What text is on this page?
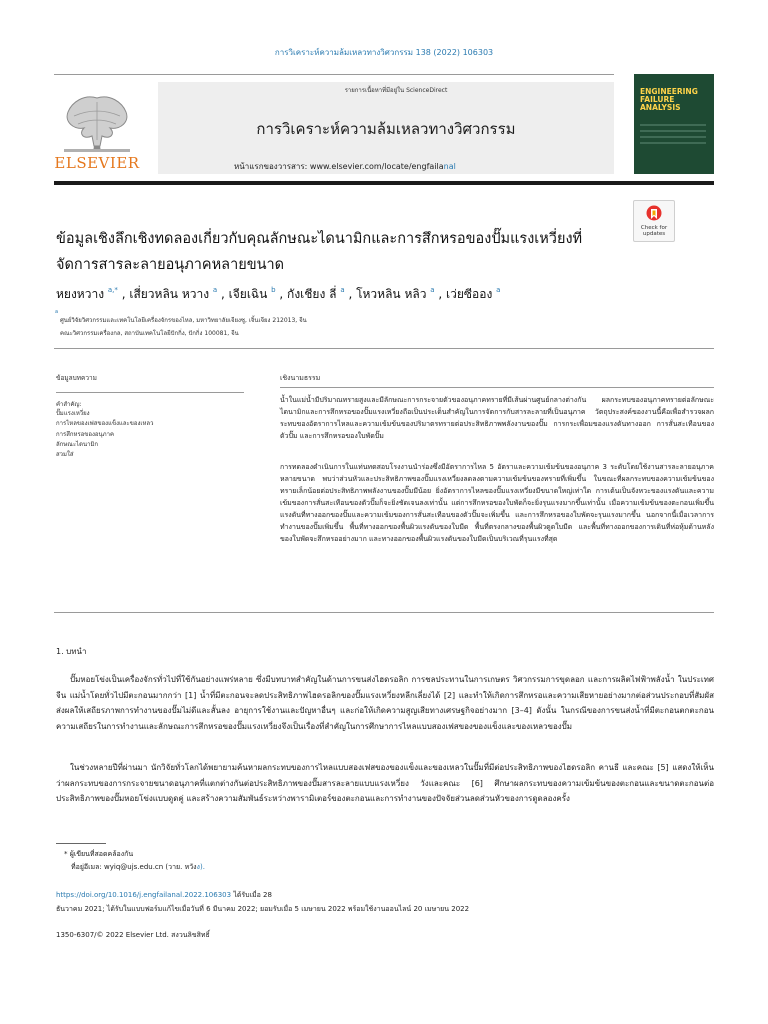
การวิเคราะห์ความล้มเหลวทางวิศวกรรม 138 (2022) 106303
ELSEVIER
รายการเนื้อหาที่มีอยู่ใน ScienceDirect
การวิเคราะห์ความล้มเหลวทางวิศวกรรม
หน้าแรกของวารสาร: www.elsevier.com/locate/engfailanal
ENGINEERING FAILURE ANALYSIS
Check for updates
ข้อมูลเชิงลึกเชิงทดลองเกี่ยวกับคุณลักษณะไดนามิกและการสึกหรอของปั๊มแรงเหวี่ยงที่จัดการสารละลายอนุภาคหลายขนาด
หยงหวาง $^{a,*}$ , เสี่ยวหลิน หวาง $^a$ , เจียเฉิน $^b$ , กังเชียง ลี่ $^a$ , โหวหลิน หลิว $^a$ , เว่ยซีออง $^a$
a
ศูนย์วิจัยวิศวกรรมและเทคโนโลยีเครื่องจักรของไหล, มหาวิทยาลัยเจียงซู, เจิ้นเจียง 212013, จีน
คณะวิศวกรรมเครื่องกล, สถาบันเทคโนโลยีปักกิ่ง, ปักกิ่ง 100081, จีน
ข้อมูลบทความ
คำสำคัญ:
ปั๊มแรงเหวี่ยง
การไหลของเฟสของแข็งและของเหลว
การสึกหรอของอนุภาค
ลักษณะไดนามิก
สวมใส่
เชิงนามธรรม
น้ำในแม่น้ำมีปริมาณทรายสูงและมีลักษณะการกระจายตัวของอนุภาคทรายที่มีเส้นผ่านศูนย์กลางต่างกัน ผลกระทบของอนุภาคทรายต่อลักษณะไดนามิกและการสึกหรอของปั๊มแรงเหวี่ยงถือเป็นประเด็นสำคัญในการจัดการกับสารละลายที่เป็นอนุภาค วัตถุประสงค์ของงานนี้คือเพื่อสำรวจผลกระทบของอัตราการไหลและความเข้มข้นของปริมาตรทรายต่อประสิทธิภาพพลังงานของปั๊ม การกระเพื่อมของแรงดันทางออก การสั่นสะเทือนของตัวปั๊ม และการสึกหรอของใบพัดปั๊ม
การทดลองดำเนินการในแท่นทดสอบโรงงานนำร่องซึ่งมีอัตราการไหล 5 อัตราและความเข้มข้นของอนุภาค 3 ระดับโดยใช้งานสารละลายอนุภาคหลายขนาด พบว่าส่วนหัวและประสิทธิภาพของปั๊มแรงเหวี่ยงลดลงตามความเข้มข้นของทรายที่เพิ่มขึ้น ในขณะที่ผลกระทบของความเข้มข้นของทรายเล็กน้อยต่อประสิทธิภาพพลังงานของปั๊มมีน้อย ยิ่งอัตราการไหลของปั๊มแรงเหวี่ยงมีขนาดใหญ่เท่าใด การเต้นเป็นจังหวะของแรงดันและความเข้มของการสั่นสะเทือนของตัวปั๊มก็จะยิ่งชัดเจนลงเท่านั้น แต่การสึกหรอของใบพัดก็จะยิ่งรุนแรงมากขึ้นเท่านั้น เมื่อความเข้มข้นของตะกอนเพิ่มขึ้น แรงดันที่ทางออกของปั๊มและความเข้มของการสั่นสะเทือนของตัวปั๊มจะเพิ่มขึ้น และการสึกหรอของใบพัดจะรุนแรงมากขึ้น นอกจากนี้เมื่อเวลาการทำงานของปั๊มเพิ่มขึ้น พื้นที่ทางออกของพื้นผิวแรงดันของใบมีด พื้นที่ตรงกลางของพื้นผิวดูดใบมีด และพื้นที่ทางออกของการเดินที่ห่อหุ้มด้านหลังของใบพัดจะสึกหรออย่างมาก และทางออกของพื้นผิวแรงดันของใบมีดเป็นบริเวณที่รุนแรงที่สุด
1. บทนำ
ปั๊มหอยโข่งเป็นเครื่องจักรทั่วไปที่ใช้กันอย่างแพร่หลาย ซึ่งมีบทบาทสำคัญในด้านการขนส่งไฮดรอลิก การชลประทานในการเกษตร วิศวกรรมการขุดลอก และการผลิตไฟฟ้าพลังน้ำ ในประเทศจีน แม่น้ำโดยทั่วไปมีตะกอนมากกว่า [1] น้ำที่มีตะกอนจะลดประสิทธิภาพไฮดรอลิกของปั๊มแรงเหวี่ยงหลีกเลี่ยงได้ [2] และทำให้เกิดการสึกหรอและความเสียหายอย่างมากต่อส่วนประกอบที่สัมผัส ส่งผลให้เสถียรภาพการทำงานของปั๊มไม่ดีและสั้นลง อายุการใช้งานและปัญหาอื่นๆ และก่อให้เกิดความสูญเสียทางเศรษฐกิจอย่างมาก [3–4] ดังนั้น ในกรณีของการขนส่งน้ำที่มีตะกอนตกตะกอน ความเสถียรในการทำงานและลักษณะการสึกหรอของปั๊มแรงเหวี่ยงจึงเป็นเรื่องที่สำคัญในการศึกษาการไหลแบบสองเฟสของของแข็งและของเหลวของปั๊ม
ในช่วงหลายปีที่ผ่านมา นักวิจัยทั่วโลกได้พยายามค้นหาผลกระทบของการไหลแบบสองเฟสของของแข็งและของเหลวในปั๊มที่มีต่อประสิทธิภาพของไฮดรอลิก คานธี และคณะ [5] แสดงให้เห็นว่าผลกระทบของการกระจายขนาดอนุภาคที่แตกต่างกันต่อประสิทธิภาพของปั๊มสารละลายแบบแรงเหวี่ยง วังและคณะ [6] ศึกษาผลกระทบของความเข้มข้นของตะกอนและขนาดตะกอนต่อประสิทธิภาพของปั๊มหอยโข่งแบบดูดคู่ และสร้างความสัมพันธ์ระหว่างพารามิเตอร์ของตะกอนและการทำงานของปัจจัยส่วนลดส่วนหัวของการดูดลองครั้ง
* ผู้เขียนที่สอดคล้องกัน
ที่อยู่อีเมล: wyiq@ujs.edu.cn (วาย. หวังง).
https://doi.org/10.1016/j.engfailanal.2022.106303 ได้รับเมื่อ 28
ธันวาคม 2021; ได้รับในแบบฟอร์มแก้ไขเมื่อวันที่ 6 มีนาคม 2022; ยอมรับเมื่อ 5 เมษายน 2022 พร้อมใช้งานออนไลน์ 20 เมษายน 2022
1350-6307/© 2022 Elsevier Ltd. สงวนลิขสิทธิ์
